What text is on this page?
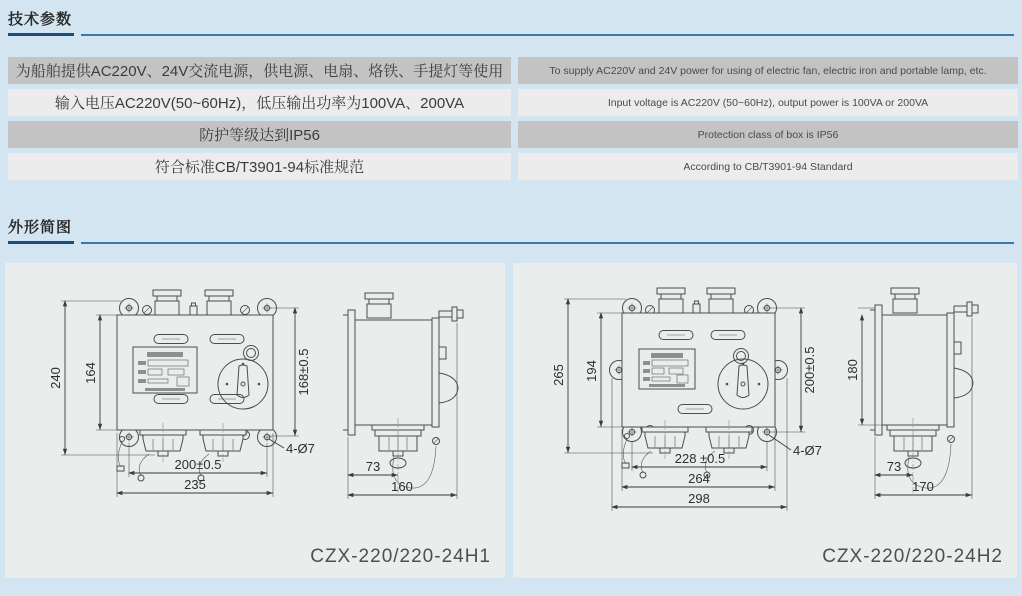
技术参数
为船舶提供AC220V、24V交流电源，供电源、电扇、烙铁、手提灯等使用	To supply AC220V and 24V power for using of electric fan, electric iron and portable lamp, etc.
输入电压AC220V(50~60Hz)，低压输出功率为100VA、200VA	Input voltage is AC220V (50~60Hz), output power is 100VA or 200VA
防护等级达到IP56	Protection class of box is IP56
符合标准CB/T3901-94标准规范	According to CB/T3901-94 Standard
外形简图
240 164	168±0.5
200±0.5
235
4-Ø7
73
160
CZX-220/220-24H1
265 194	200±0.5
228 ±0.5
264
298
4-Ø7
180
73
170
CZX-220/220-24H2
